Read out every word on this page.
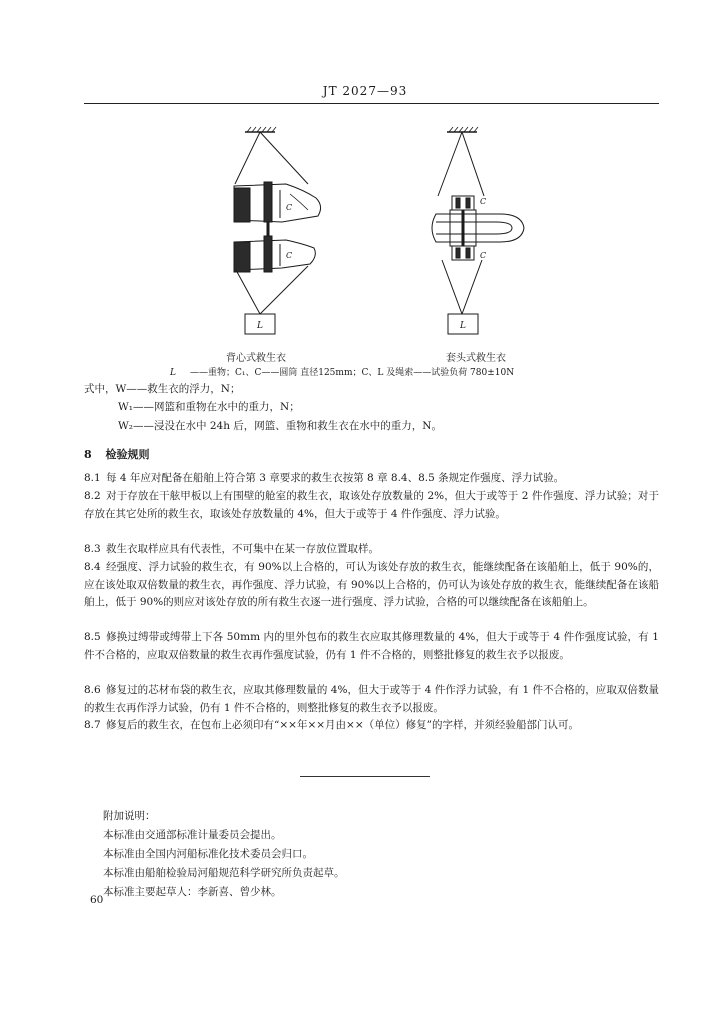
JT 2027—93
C
C
L
C
C
L
背心式救生衣	套头式救生衣
L ——重物；C₁、C——圆筒 直径125mm；C、L 及绳索——试验负荷 780±10N
式中，W——救生衣的浮力，N；
W₁——网篮和重物在水中的重力，N；
W₂——浸没在水中 24h 后，网篮、重物和救生衣在水中的重力，N。
8 检验规则
8.1 每 4 年应对配备在船舶上符合第 3 章要求的救生衣按第 8 章 8.4、8.5 条规定作强度、浮力试验。
8.2 对于存放在干舷甲板以上有围壁的舱室的救生衣，取该处存放数量的 2%，但大于或等于 2 件作强度、浮力试验；对于存放在其它处所的救生衣，取该处存放数量的 4%，但大于或等于 4 件作强度、浮力试验。
8.3 救生衣取样应具有代表性，不可集中在某一存放位置取样。
8.4 经强度、浮力试验的救生衣，有 90%以上合格的，可认为该处存放的救生衣，能继续配备在该船舶上，低于 90%的，应在该处取双倍数量的救生衣，再作强度、浮力试验，有 90%以上合格的，仍可认为该处存放的救生衣，能继续配备在该船舶上，低于 90%的则应对该处存放的所有救生衣逐一进行强度、浮力试验，合格的可以继续配备在该船舶上。
8.5 修换过缚带或缚带上下各 50mm 内的里外包布的救生衣应取其修理数量的 4%，但大于或等于 4 件作强度试验，有 1 件不合格的，应取双倍数量的救生衣再作强度试验，仍有 1 件不合格的，则整批修复的救生衣予以报废。
8.6 修复过的芯材布袋的救生衣，应取其修理数量的 4%，但大于或等于 4 件作浮力试验，有 1 件不合格的，应取双倍数量的救生衣再作浮力试验，仍有 1 件不合格的，则整批修复的救生衣予以报废。
8.7 修复后的救生衣，在包布上必须印有“××年××月由××（单位）修复”的字样，并须经验船部门认可。
附加说明：
本标准由交通部标准计量委员会提出。
本标准由全国内河船标准化技术委员会归口。
本标准由船舶检验局河船规范科学研究所负责起草。
本标准主要起草人：李新喜、曾少林。
60
